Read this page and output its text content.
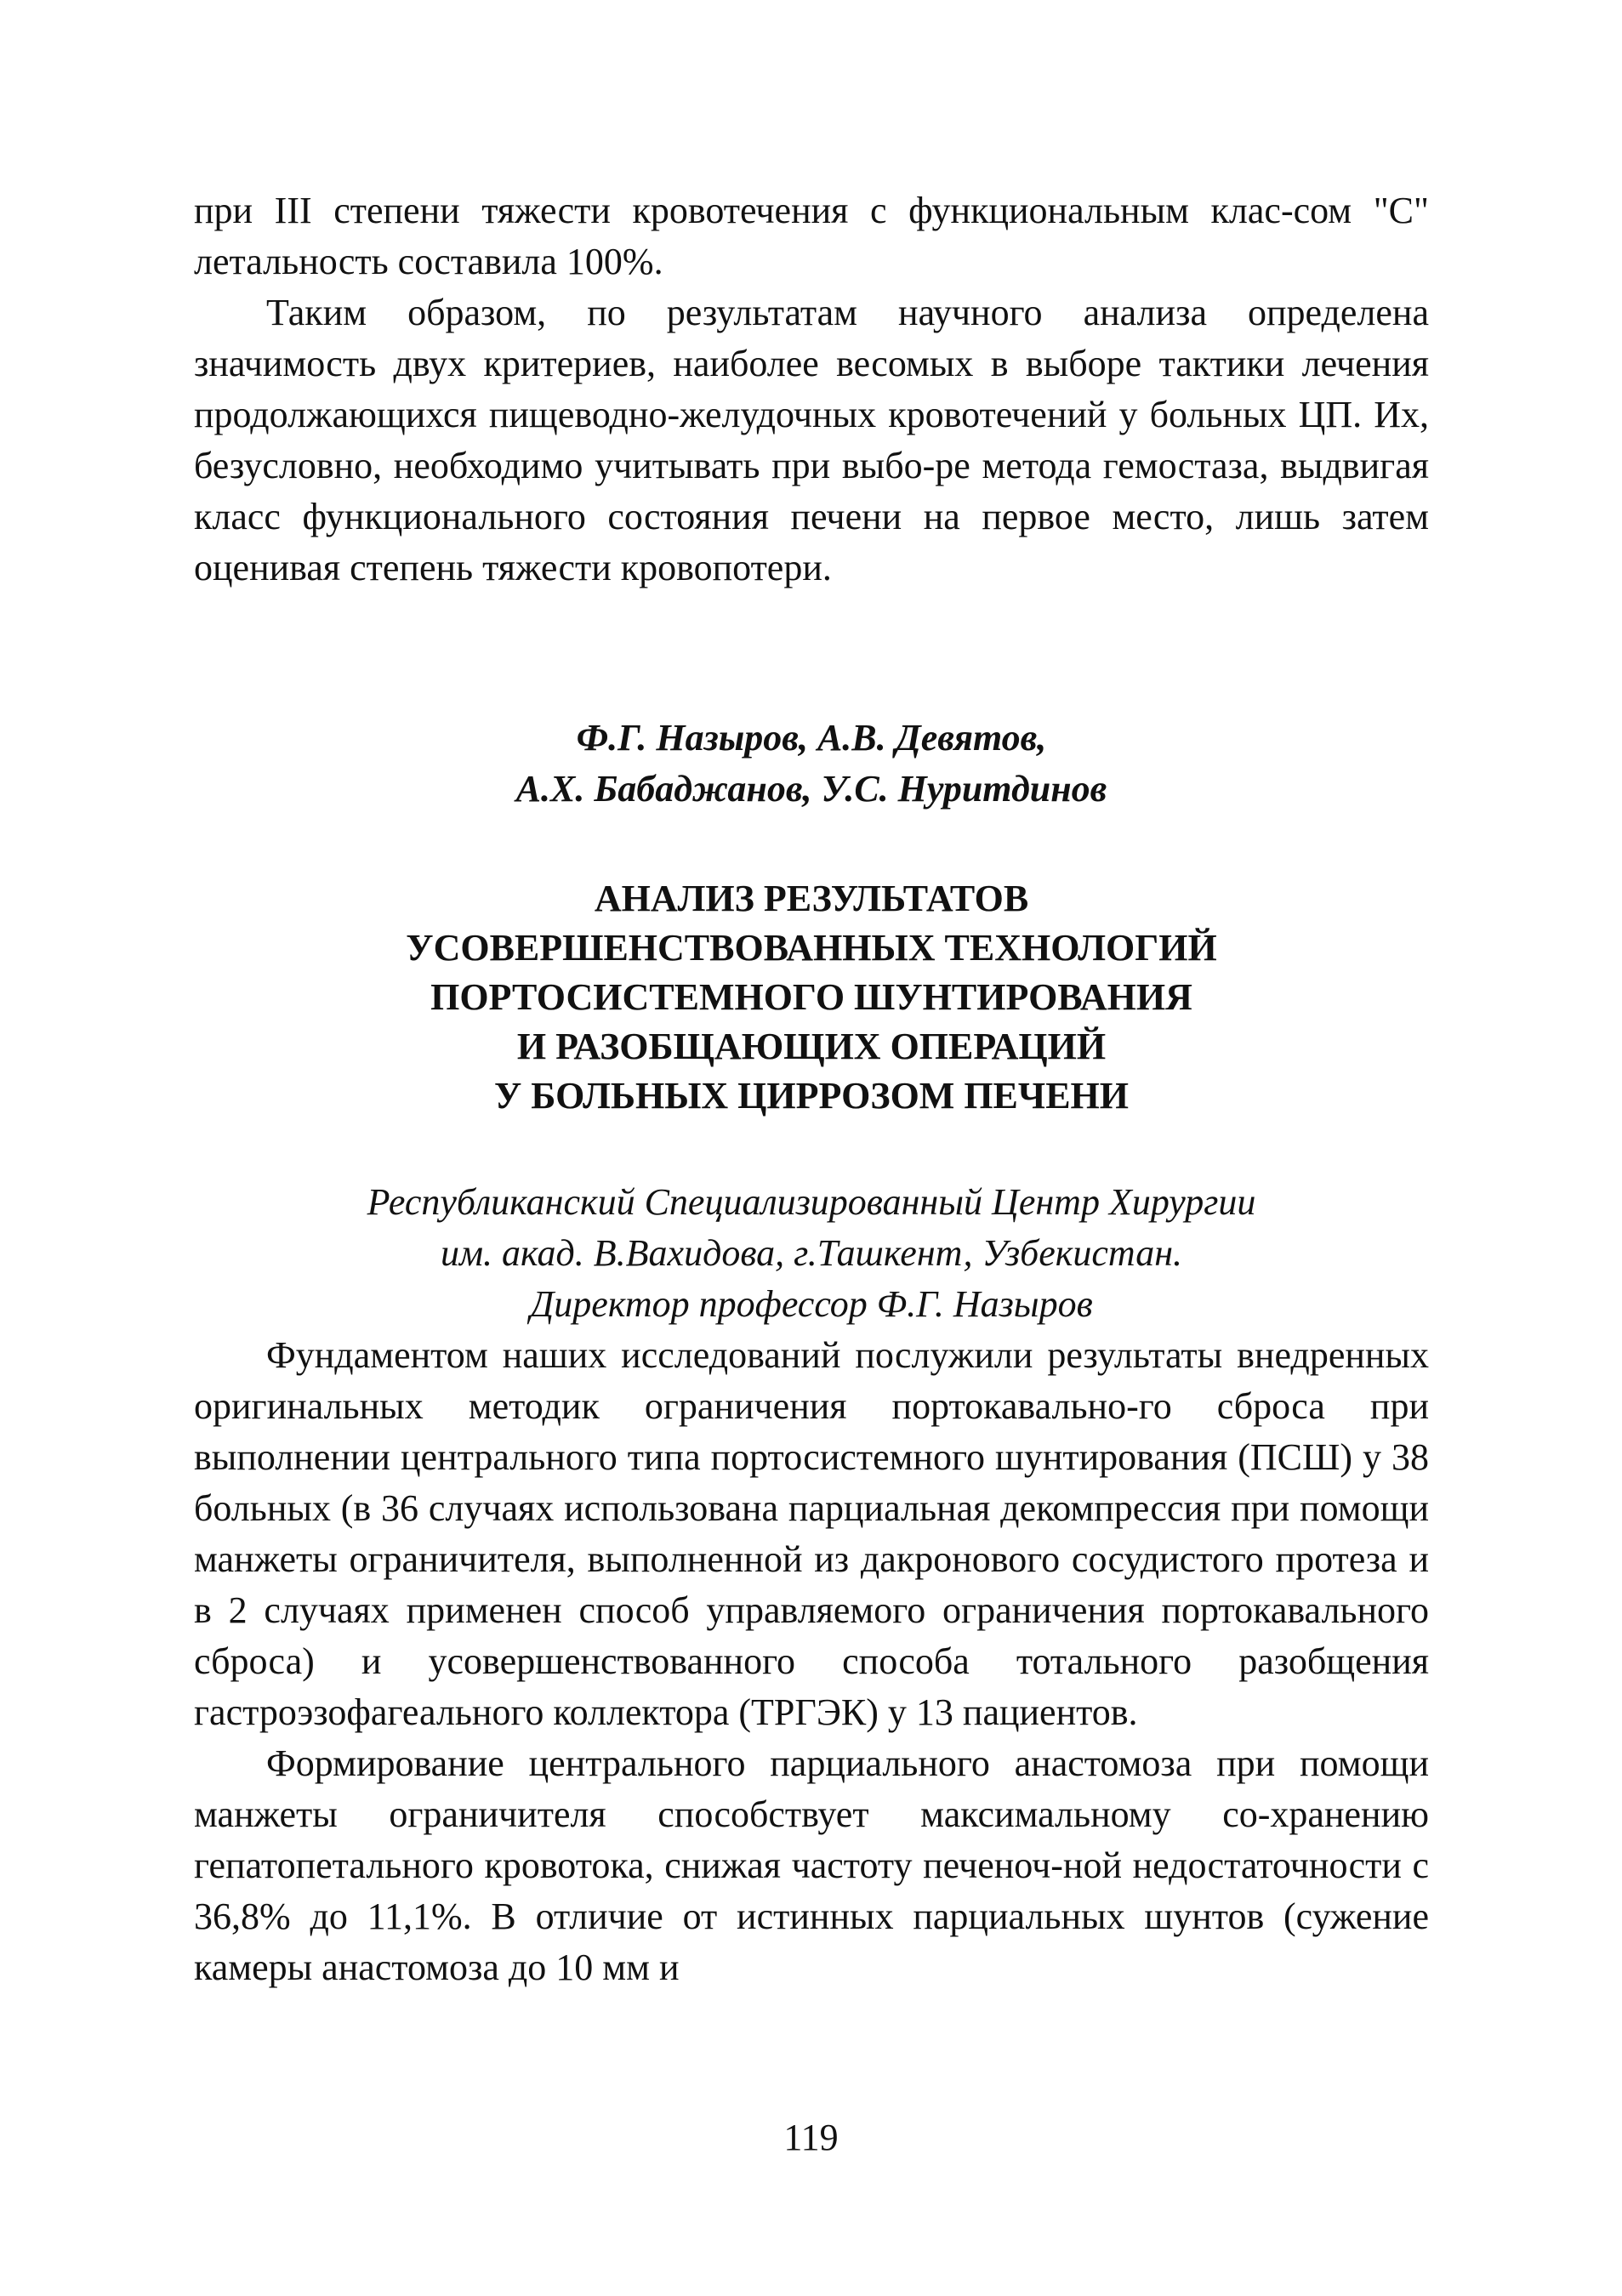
при III степени тяжести кровотечения с функциональным клас-сом "С" летальность составила 100%.

Таким образом, по результатам научного анализа определена значимость двух критериев, наиболее весомых в выборе тактики лечения продолжающихся пищеводно-желудочных кровотечений у больных ЦП. Их, безусловно, необходимо учитывать при выбо-ре метода гемостаза, выдвигая класс функционального состояния печени на первое место, лишь затем оценивая степень тяжести кровопотери.

Ф.Г. Назыров, А.В. Девятов,
А.Х. Бабаджанов, У.С. Нуритдинов
АНАЛИЗ РЕЗУЛЬТАТОВ
УСОВЕРШЕНСТВОВАННЫХ ТЕХНОЛОГИЙ
ПОРТОСИСТЕМНОГО ШУНТИРОВАНИЯ
И РАЗОБЩАЮЩИХ ОПЕРАЦИЙ
У БОЛЬНЫХ ЦИРРОЗОМ ПЕЧЕНИ
Республиканский Специализированный Центр Хирургии
им. акад. В.Вахидова, г.Ташкент, Узбекистан.
Директор профессор Ф.Г. Назыров

Фундаментом наших исследований послужили результаты внедренных оригинальных методик ограничения портокавально-го сброса при выполнении центрального типа портосистемного шунтирования (ПСШ) у 38 больных (в 36 случаях использована парциальная декомпрессия при помощи манжеты ограничителя, выполненной из дакронового сосудистого протеза и в 2 случаях применен способ управляемого ограничения портокавального сброса) и усовершенствованного способа тотального разобщения гастроэзофагеального коллектора (ТРГЭК) у 13 пациентов.

Формирование центрального парциального анастомоза при помощи манжеты ограничителя способствует максимальному со-хранению гепатопетального кровотока, снижая частоту печеноч-ной недостаточности с 36,8% до 11,1%. В отличие от истинных парциальных шунтов (сужение камеры анастомоза до 10 мм и

119
